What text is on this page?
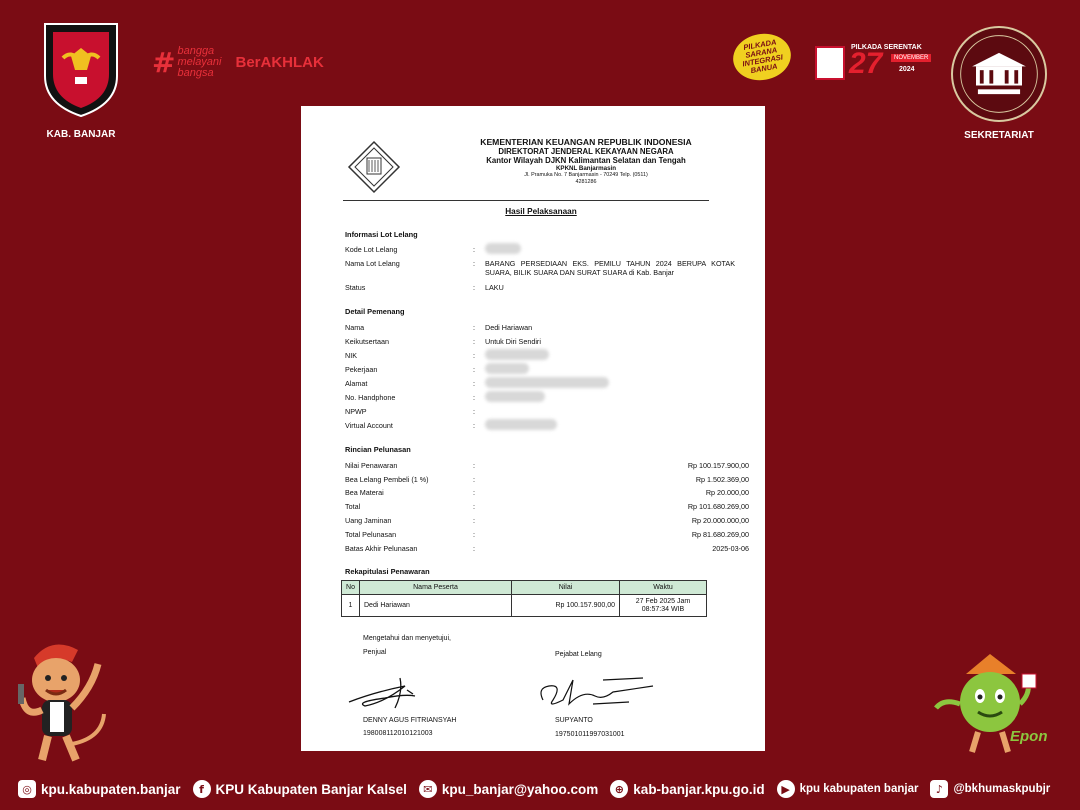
KAB. BANJAR
# bangga
melayani
bangsa
BerAKHLAK
PILKADA SARANA INTEGRASI BANUA
PILKADA SERENTAK
27	NOVEMBER
2024
SEKRETARIAT
KEMENTERIAN KEUANGAN REPUBLIK INDONESIA
DIREKTORAT JENDERAL KEKAYAAN NEGARA
Kantor Wilayah DJKN Kalimantan Selatan dan Tengah
KPKNL Banjarmasin
Jl. Pramuka No. 7 Banjarmasin - 70249 Telp. (0511)
4281286
Hasil Pelaksanaan
Informasi Lot Lelang
Kode Lot Lelang	:
Nama Lot Lelang	: BARANG PERSEDIAAN EKS. PEMILU TAHUN 2024 BERUPA KOTAK SUARA, BILIK SUARA DAN SURAT SUARA di Kab. Banjar
Status	: LAKU
Detail Pemenang
Nama	: Dedi Hariawan
Keikutsertaan	: Untuk Diri Sendiri
NIK	:
Pekerjaan	:
Alamat	:
No. Handphone	:
NPWP	:
Virtual Account	:
Rincian Pelunasan
Nilai Penawaran	:	Rp 100.157.900,00
Bea Lelang Pembeli (1 %)	:	Rp 1.502.369,00
Bea Materai	:	Rp 20.000,00
Total	:	Rp 101.680.269,00
Uang Jaminan	:	Rp 20.000.000,00
Total Pelunasan	:	Rp 81.680.269,00
Batas Akhir Pelunasan	:	2025-03-06
Rekapitulasi Penawaran
No	Nama Peserta	Nilai	Waktu
1	Dedi Hariawan	Rp 100.157.900,00	27 Feb 2025 Jam
08:57:34 WIB
Mengetahui dan menyetujui,
Penjual	Pejabat Lelang
DENNY AGUS FITRIANSYAH
198008112010121003
SUPYANTO
197501011997031001	Epon
◎ kpu.kabupaten.banjar	f KPU Kabupaten Banjar Kalsel	✉ kpu_banjar@yahoo.com	⊕ kab-banjar.kpu.go.id	▶ kpu kabupaten banjar	♪ @bkhumaskpubjr
